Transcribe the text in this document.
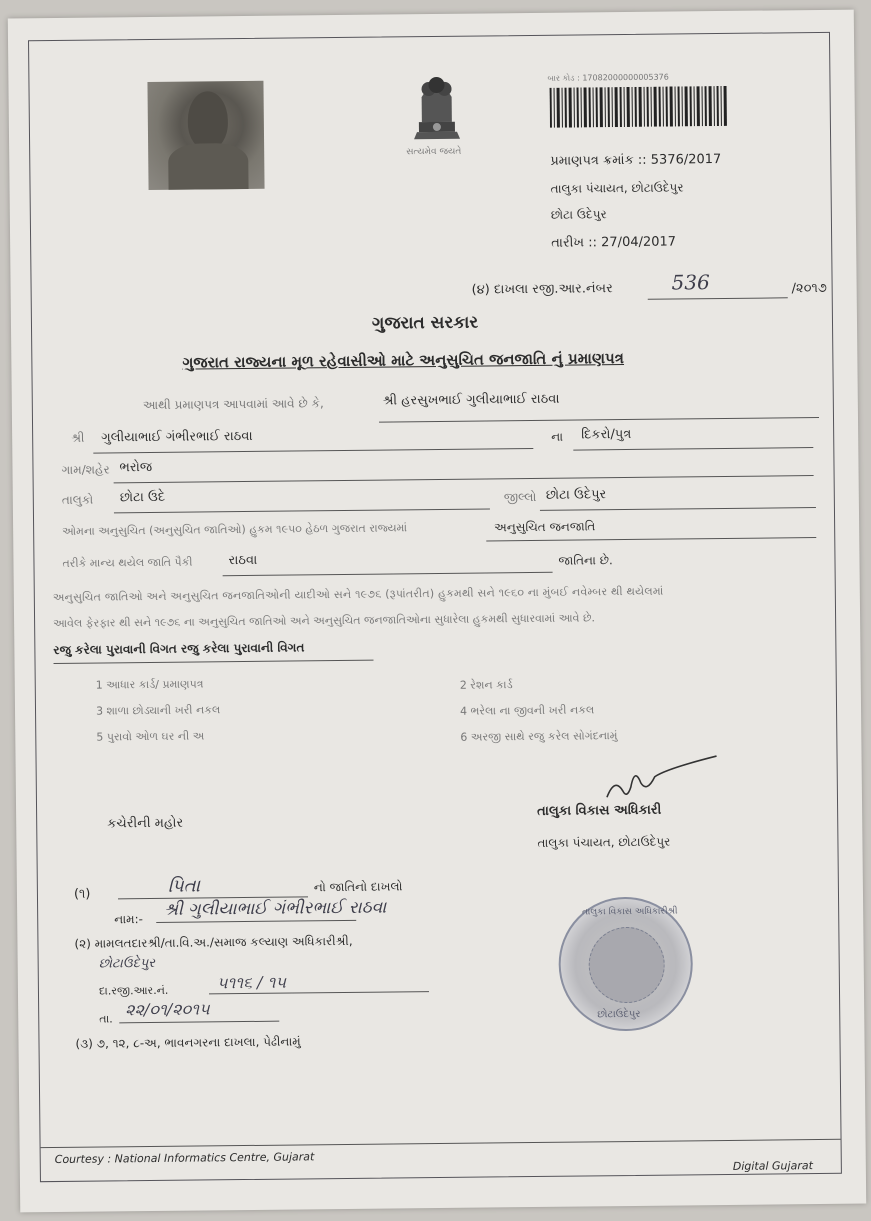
સત્યમેવ જયતે
બાર કોડ : 17082000000005376
પ્રમાણપત્ર ક્રમાંક :: 5376/2017
તાલુકા પંચાયત, છોટાઉદેપુર
છોટા ઉદેપુર
તારીખ :: 27/04/2017
(૪) દાખલા રજી.આર.નંબર	536	/૨૦૧૭
ગુજરાત સરકાર
ગુજરાત રાજ્યના મૂળ રહેવાસીઓ માટે અનુસુચિત જનજાતિ નું પ્રમાણપત્ર
આથી પ્રમાણપત્ર આપવામાં આવે છે કે,	શ્રી હરસુખભાઈ ગુલીયાભાઈ રાઠવા
શ્રી ગુલીયાભાઈ ગંભીરભાઈ રાઠવા	ના દિકરો/પુત્ર
ગામ/શહેર ભરોજ
તાલુકો છોટા ઉદે	જીલ્લો છોટા ઉદેપુર
ઓમના અનુસુચિત (અનુસુચિત જાતિઓ) હુકમ ૧૯૫૦ હેઠળ ગુજરાત રાજ્યમાં	અનુસુચિત જનજાતિ
તરીકે માન્ય થયેલ જાતિ પૈકી	રાઠવા	જાતિના છે.
અનુસુચિત જાતિઓ અને અનુસુચિત જનજાતિઓની યાદીઓ સને ૧૯૭૬ (રૂપાંતરીત) હુકમથી સને ૧૯૬૦ ના મુંબઈ નવેમ્બર થી થયેલમાં
આવેલ ફેરફાર થી સને ૧૯૭૬ ના અનુસુચિત જાતિઓ અને અનુસુચિત જનજાતિઓના સુધારેલા હુકમથી સુધારવામાં આવે છે.
રજુ કરેલા પુરાવાની વિગત રજુ કરેલા પુરાવાની વિગત
1 આધાર કાર્ડ/ પ્રમાણપત્ર	2 રેશન કાર્ડ
3 શાળા છોડ્યાની ખરી નકલ	4 ભરેલા ના જીવની ખરી નકલ
5 પુરાવો ઓળ ઘર ની અ	6 અરજી સાથે રજુ કરેલ સોગંદનામું
કચેરીની મહોર
તાલુકા વિકાસ અધિકારી
તાલુકા પંચાયત, છોટાઉદેપુર
(૧)	પિતા	નો જાતિનો દાખલો
નામ:- શ્રી ગુલીયાભાઈ ગંભીરભાઈ રાઠવા
(૨) મામલતદારશ્રી/તા.વિ.અ./સમાજ કલ્યાણ અધિકારીશ્રી,
છોટાઉદેપુર
દા.રજી.આર.નં.	૫૧૧૬ / ૧૫
તા. ૨૨/૦૧/૨૦૧૫
(૩) ૭, ૧૨, ૮-અ, ભાવનગરના દાખલા, પેઢીનામું
તાલુકા વિકાસ અધિકારીશ્રી
છોટાઉદેપુર
Courtesy : National Informatics Centre, Gujarat	Digital Gujarat
